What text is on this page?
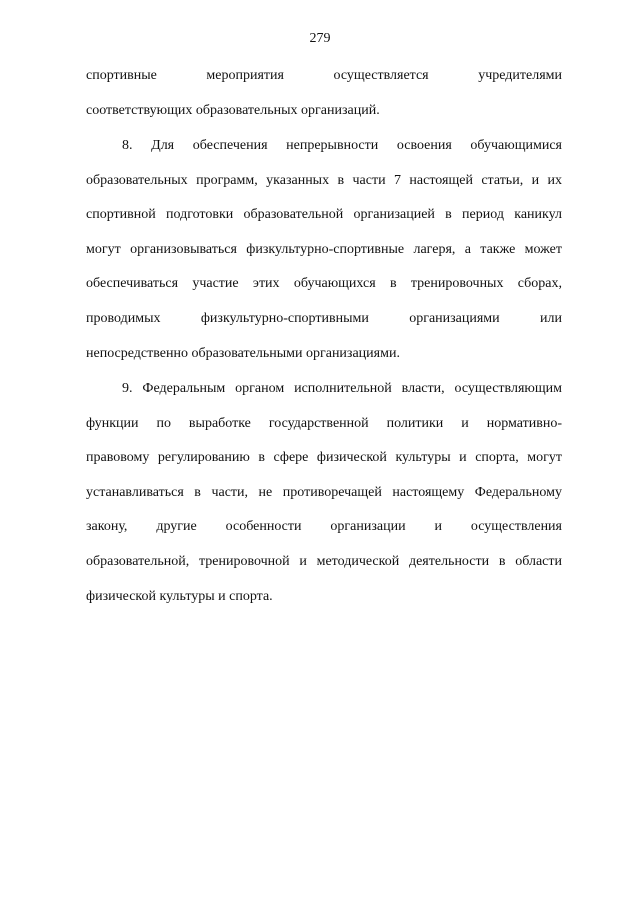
279
спортивные мероприятия осуществляется учредителями
соответствующих образовательных организаций.
8. Для обеспечения непрерывности освоения обучающимися
образовательных программ, указанных в части 7 настоящей статьи, и их
спортивной подготовки образовательной организацией в период каникул
могут организовываться физкультурно-спортивные лагеря, а также может
обеспечиваться участие этих обучающихся в тренировочных сборах,
проводимых физкультурно-спортивными организациями или
непосредственно образовательными организациями.
9. Федеральным органом исполнительной власти, осуществляющим
функции по выработке государственной политики и нормативно-
правовому регулированию в сфере физической культуры и спорта, могут
устанавливаться в части, не противоречащей настоящему Федеральному
закону, другие особенности организации и осуществления
образовательной, тренировочной и методической деятельности в области
физической культуры и спорта.
